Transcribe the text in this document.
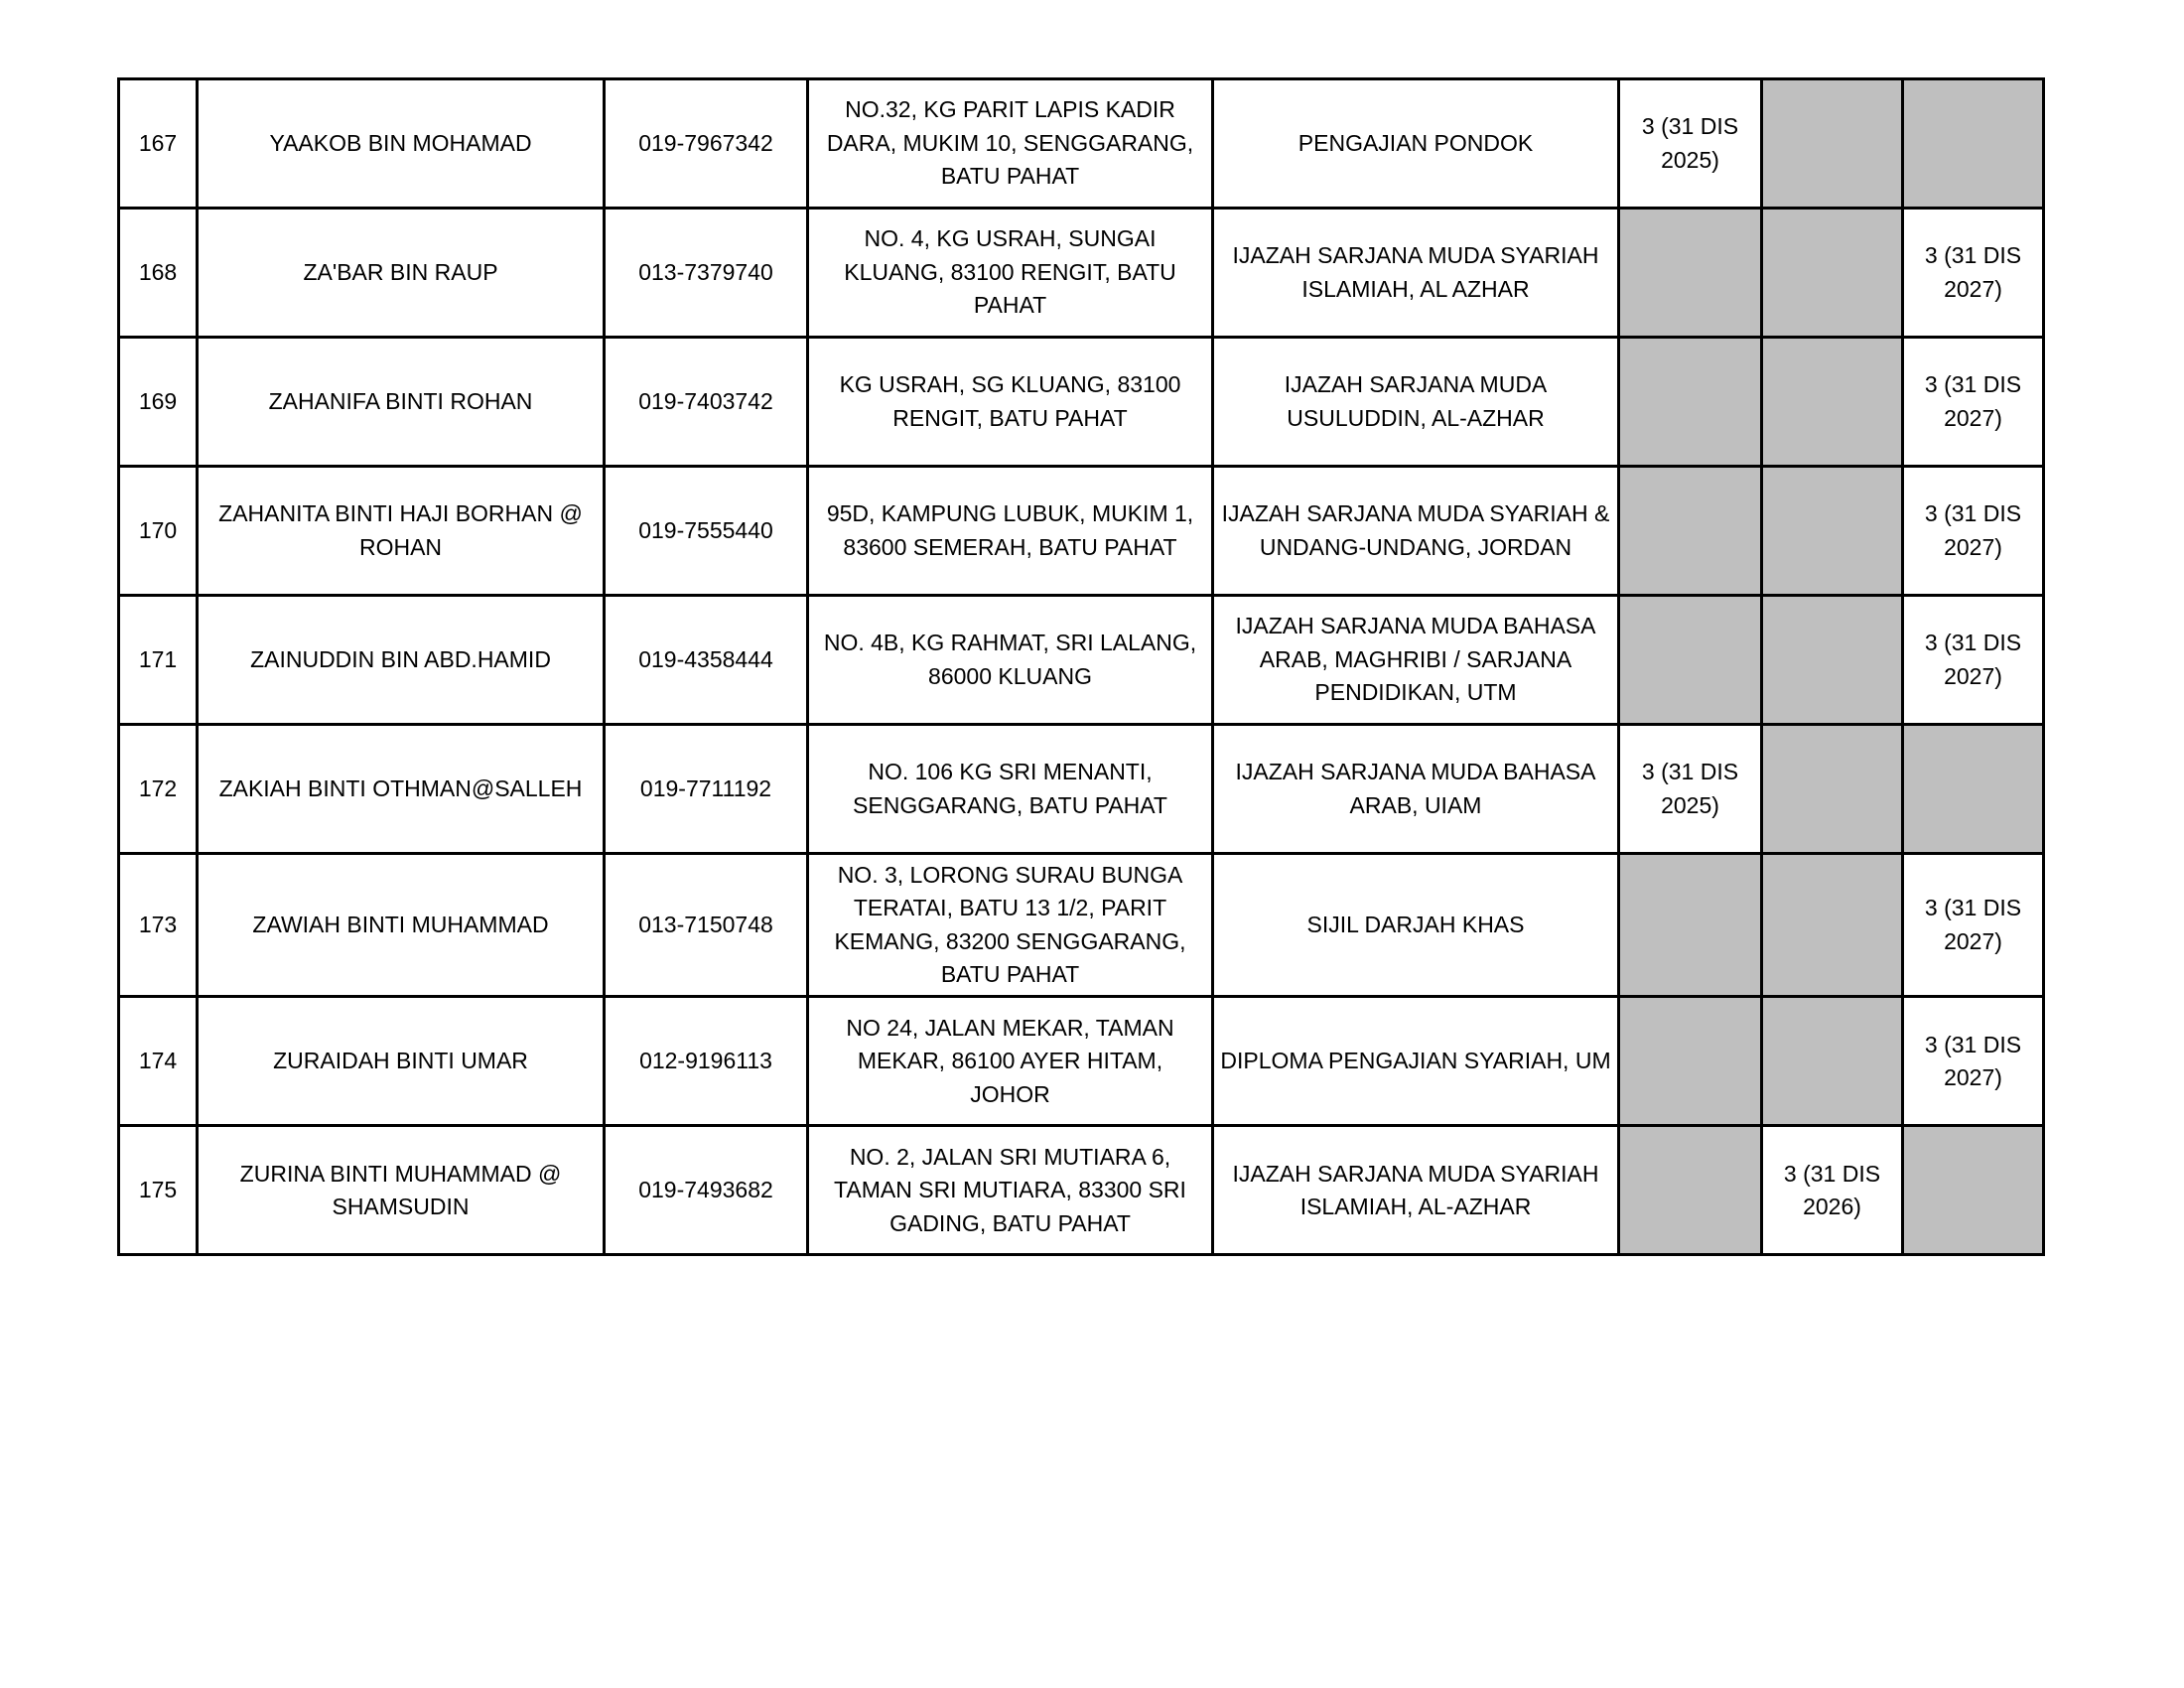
167	YAAKOB BIN MOHAMAD	019-7967342	NO.32, KG PARIT LAPIS KADIR DARA, MUKIM 10, SENGGARANG, BATU PAHAT	PENGAJIAN PONDOK	3 (31 DIS 2025)		
168	ZA'BAR BIN RAUP	013-7379740	NO. 4, KG USRAH, SUNGAI KLUANG, 83100 RENGIT, BATU PAHAT	IJAZAH SARJANA MUDA SYARIAH ISLAMIAH, AL AZHAR			3 (31 DIS 2027)
169	ZAHANIFA BINTI ROHAN	019-7403742	KG USRAH, SG KLUANG, 83100 RENGIT, BATU PAHAT	IJAZAH SARJANA MUDA USULUDDIN, AL-AZHAR			3 (31 DIS 2027)
170	ZAHANITA BINTI HAJI BORHAN @ ROHAN	019-7555440	95D, KAMPUNG LUBUK, MUKIM 1, 83600 SEMERAH, BATU PAHAT	IJAZAH SARJANA MUDA SYARIAH & UNDANG-UNDANG, JORDAN			3 (31 DIS 2027)
171	ZAINUDDIN BIN ABD.HAMID	019-4358444	NO. 4B, KG RAHMAT, SRI LALANG, 86000 KLUANG	IJAZAH SARJANA MUDA BAHASA ARAB, MAGHRIBI / SARJANA PENDIDIKAN, UTM			3 (31 DIS 2027)
172	ZAKIAH BINTI OTHMAN@SALLEH	019-7711192	NO. 106 KG SRI MENANTI, SENGGARANG, BATU PAHAT	IJAZAH SARJANA MUDA BAHASA ARAB, UIAM	3 (31 DIS 2025)		
173	ZAWIAH BINTI MUHAMMAD	013-7150748	NO. 3, LORONG SURAU BUNGA TERATAI, BATU 13 1/2, PARIT KEMANG, 83200 SENGGARANG, BATU PAHAT	SIJIL DARJAH KHAS			3 (31 DIS 2027)
174	ZURAIDAH BINTI UMAR	012-9196113	NO 24, JALAN MEKAR, TAMAN MEKAR, 86100 AYER HITAM, JOHOR	DIPLOMA PENGAJIAN SYARIAH, UM			3 (31 DIS 2027)
175	ZURINA BINTI MUHAMMAD @ SHAMSUDIN	019-7493682	NO. 2, JALAN SRI MUTIARA 6, TAMAN SRI MUTIARA, 83300 SRI GADING, BATU PAHAT	IJAZAH SARJANA MUDA SYARIAH ISLAMIAH, AL-AZHAR		3 (31 DIS 2026)	
